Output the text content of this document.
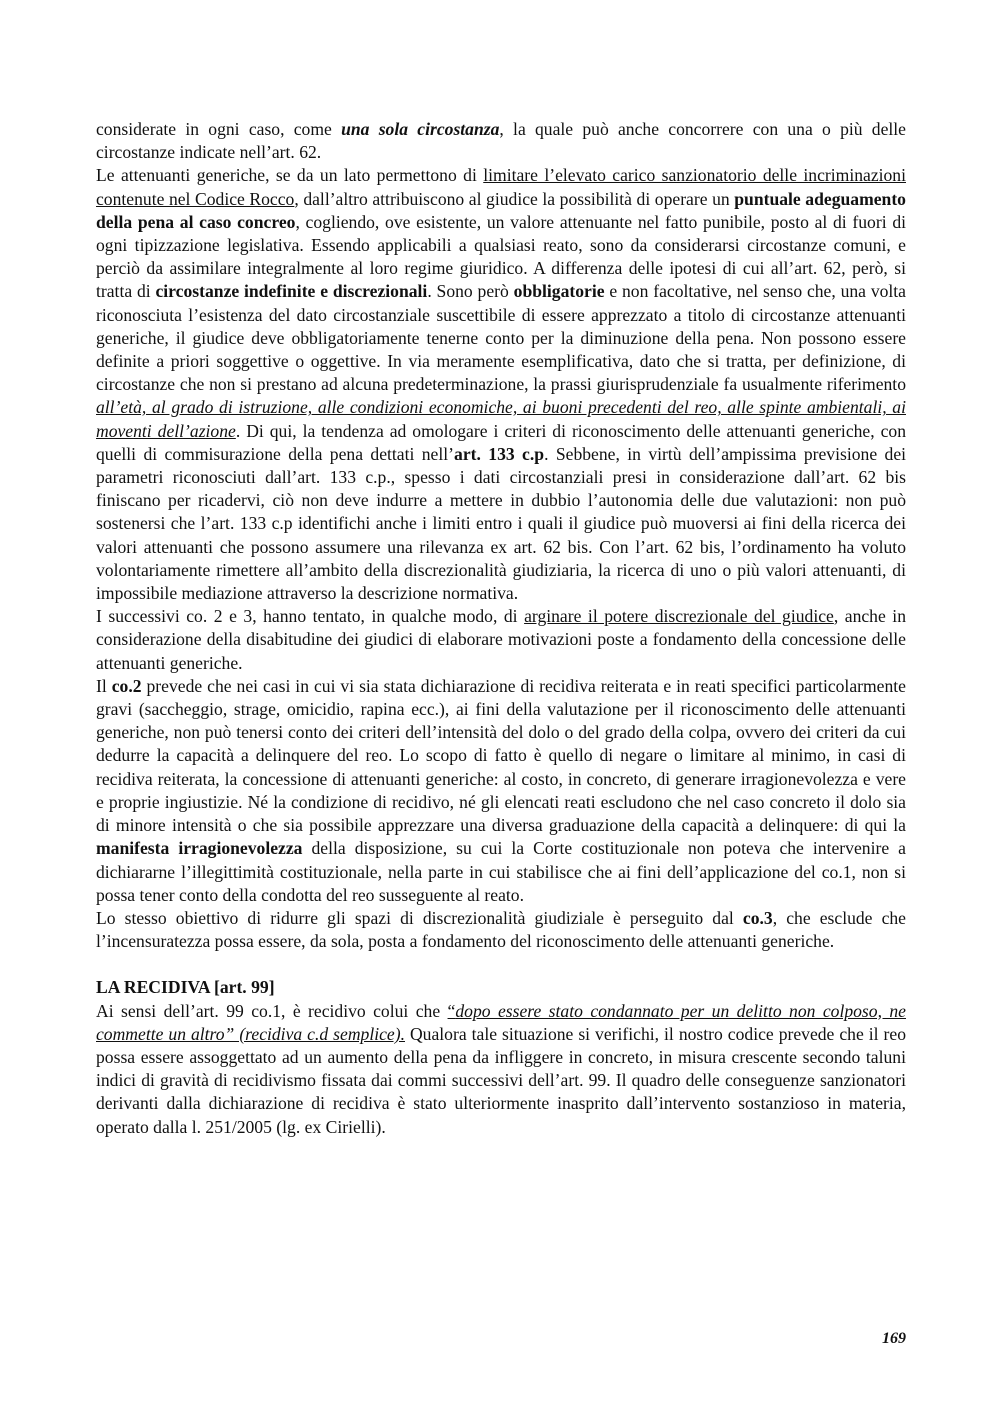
considerate in ogni caso, come una sola circostanza, la quale può anche concorrere con una o più delle circostanze indicate nell’art. 62.

Le attenuanti generiche, se da un lato permettono di limitare l’elevato carico sanzionatorio delle incriminazioni contenute nel Codice Rocco, dall’altro attribuiscono al giudice la possibilità di operare un puntuale adeguamento della pena al caso concreo, cogliendo, ove esistente, un valore attenuante nel fatto punibile, posto al di fuori di ogni tipizzazione legislativa. Essendo applicabili a qualsiasi reato, sono da considerarsi circostanze comuni, e perciò da assimilare integralmente al loro regime giuridico. A differenza delle ipotesi di cui all’art. 62, però, si tratta di circostanze indefinite e discrezionali. Sono però obbligatorie e non facoltative, nel senso che, una volta riconosciuta l’esistenza del dato circostanziale suscettibile di essere apprezzato a titolo di circostanze attenuanti generiche, il giudice deve obbligatoriamente tenerne conto per la diminuzione della pena. Non possono essere definite a priori soggettive o oggettive. In via meramente esemplificativa, dato che si tratta, per definizione, di circostanze che non si prestano ad alcuna predeterminazione, la prassi giurisprudenziale fa usualmente riferimento all’età, al grado di istruzione, alle condizioni economiche, ai buoni precedenti del reo, alle spinte ambientali, ai moventi dell’azione. Di qui, la tendenza ad omologare i criteri di riconoscimento delle attenuanti generiche, con quelli di commisurazione della pena dettati nell’art. 133 c.p. Sebbene, in virtù dell’ampissima previsione dei parametri riconosciuti dall’art. 133 c.p., spesso i dati circostanziali presi in considerazione dall’art. 62 bis finiscano per ricadervi, ciò non deve indurre a mettere in dubbio l’autonomia delle due valutazioni: non può sostenersi che l’art. 133 c.p identifichi anche i limiti entro i quali il giudice può muoversi ai fini della ricerca dei valori attenuanti che possono assumere una rilevanza ex art. 62 bis. Con l’art. 62 bis, l’ordinamento ha voluto volontariamente rimettere all’ambito della discrezionalità giudiziaria, la ricerca di uno o più valori attenuanti, di impossibile mediazione attraverso la descrizione normativa.

I successivi co. 2 e 3, hanno tentato, in qualche modo, di arginare il potere discrezionale del giudice, anche in considerazione della disabitudine dei giudici di elaborare motivazioni poste a fondamento della concessione delle attenuanti generiche.

Il co.2 prevede che nei casi in cui vi sia stata dichiarazione di recidiva reiterata e in reati specifici particolarmente gravi (saccheggio, strage, omicidio, rapina ecc.), ai fini della valutazione per il riconoscimento delle attenuanti generiche, non può tenersi conto dei criteri dell’intensità del dolo o del grado della colpa, ovvero dei criteri da cui dedurre la capacità a delinquere del reo. Lo scopo di fatto è quello di negare o limitare al minimo, in casi di recidiva reiterata, la concessione di attenuanti generiche: al costo, in concreto, di generare irragionevolezza e vere e proprie ingiustizie. Né la condizione di recidivo, né gli elencati reati escludono che nel caso concreto il dolo sia di minore intensità o che sia possibile apprezzare una diversa graduazione della capacità a delinquere: di qui la manifesta irragionevolezza della disposizione, su cui la Corte costituzionale non poteva che intervenire a dichiararne l’illegittimità costituzionale, nella parte in cui stabilisce che ai fini dell’applicazione del co.1, non si possa tener conto della condotta del reo susseguente al reato.

Lo stesso obiettivo di ridurre gli spazi di discrezionalità giudiziale è perseguito dal co.3, che esclude che l’incensuratezza possa essere, da sola, posta a fondamento del riconoscimento delle attenuanti generiche.

LA RECIDIVA [art. 99]

Ai sensi dell’art. 99 co.1, è recidivo colui che “dopo essere stato condannato per un delitto non colposo, ne commette un altro” (recidiva c.d semplice). Qualora tale situazione si verifichi, il nostro codice prevede che il reo possa essere assoggettato ad un aumento della pena da infliggere in concreto, in misura crescente secondo taluni indici di gravità di recidivismo fissata dai commi successivi dell’art. 99. Il quadro delle conseguenze sanzionatori derivanti dalla dichiarazione di recidiva è stato ulteriormente inasprito dall’intervento sostanzioso in materia, operato dalla l. 251/2005 (lg. ex Cirielli).

169
